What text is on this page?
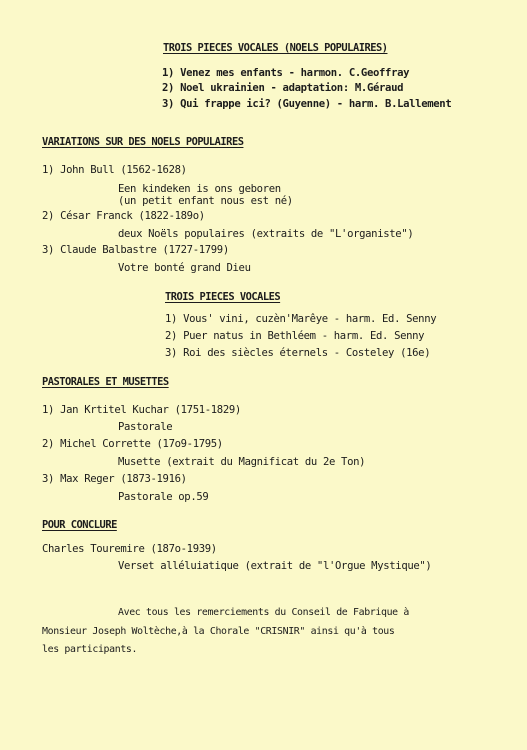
TROIS PIECES VOCALES (NOELS POPULAIRES)
1) Venez mes enfants - harmon. C.Geoffray
2) Noel ukrainien - adaptation: M.Géraud
3) Qui frappe ici? (Guyenne) - harm. B.Lallement
VARIATIONS SUR DES NOELS POPULAIRES
1) John Bull (1562-1628)
Een kindeken is ons geboren
(un petit enfant nous est né)
2) César Franck (1822-189o)
deux Noëls populaires (extraits de "L'organiste")
3) Claude Balbastre (1727-1799)
Votre bonté grand Dieu
TROIS PIECES VOCALES
1) Vous' vini, cuzèn'Marêye - harm. Ed. Senny
2) Puer natus in Bethléem - harm. Ed. Senny
3) Roi des siècles éternels - Costeley (16e)
PASTORALES ET MUSETTES
1) Jan Krtitel Kuchar (1751-1829)
Pastorale
2) Michel Corrette (17o9-1795)
Musette (extrait du Magnificat du 2e Ton)
3) Max Reger (1873-1916)
Pastorale op.59
POUR CONCLURE
Charles Touremire (187o-1939)
Verset alléluiatique (extrait de "l'Orgue Mystique")
Avec tous les remerciements du Conseil de Fabrique à
Monsieur Joseph Woltèche,à la Chorale "CRISNIR" ainsi qu'à tous
les participants.
